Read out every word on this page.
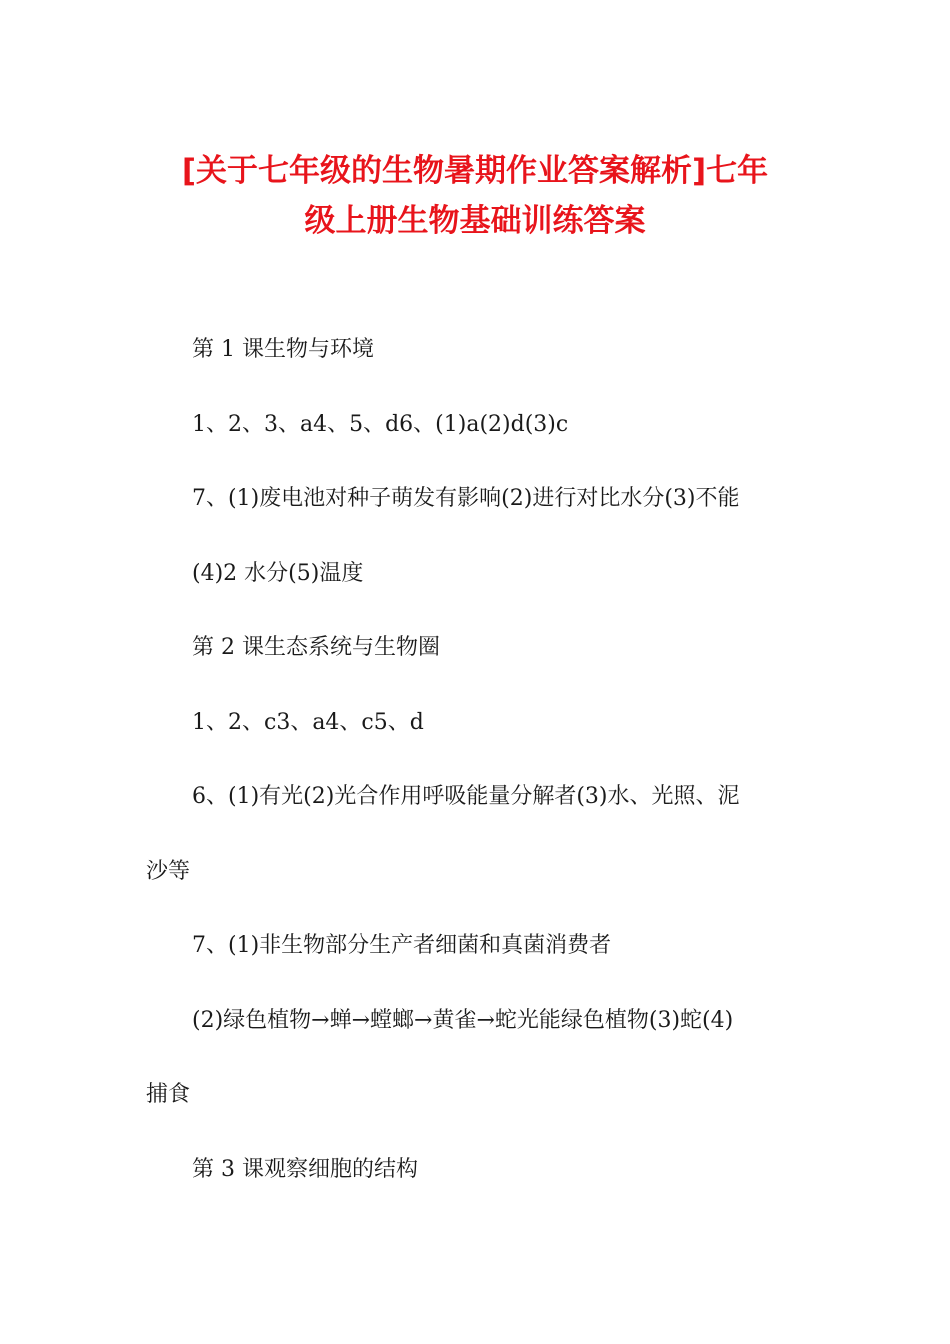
[关于七年级的生物暑期作业答案解析]七年
级上册生物基础训练答案

第 1 课生物与环境

1、2、3、a4、5、d6、(1)a(2)d(3)c

7、(1)废电池对种子萌发有影响(2)进行对比水分(3)不能

(4)2 水分(5)温度

第 2 课生态系统与生物圈

1、2、c3、a4、c5、d

6、(1)有光(2)光合作用呼吸能量分解者(3)水、光照、泥

沙等

7、(1)非生物部分生产者细菌和真菌消费者

(2)绿色植物→蝉→螳螂→黄雀→蛇光能绿色植物(3)蛇(4)

捕食

第 3 课观察细胞的结构
